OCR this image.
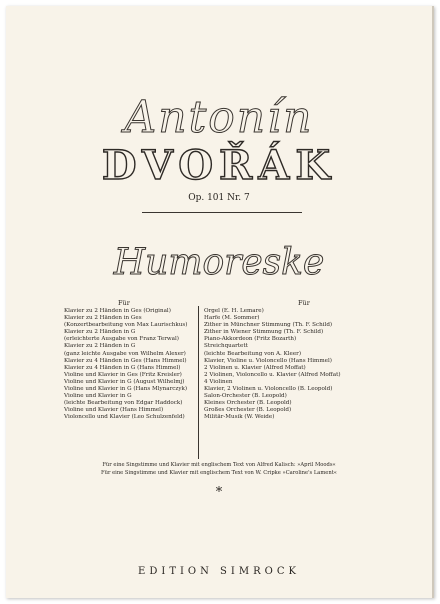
Antonín
DVOŘÁK
Op. 101 Nr. 7
Humoreske
Für	Für
Klavier zu 2 Händen in Ges (Original)
Klavier zu 2 Händen in Ges
(Konzertbearbeitung von Max Laurischkus)
Klavier zu 2 Händen in G
(erleichterte Ausgabe von Franz Terwal)
Klavier zu 2 Händen in G
(ganz leichte Ausgabe von Wilhelm Alexer)
Klavier zu 4 Händen in Ges (Hans Himmel)
Klavier zu 4 Händen in G (Hans Himmel)
Violine und Klavier in Ges (Fritz Kreisler)
Violine und Klavier in G (August Wilhelmj)
Violine und Klavier in G (Hans Mlynarczyk)
Violine und Klavier in G
(leichte Bearbeitung von Edgar Haddock)
Violine und Klavier (Hans Himmel)
Violoncello und Klavier (Leo Schulzenfeld)
Orgel (E. H. Lemare)
Harfe (M. Sommer)
Zither in Münchner Stimmung (Th. F. Schild)
Zither in Wiener Stimmung (Th. F. Schild)
Piano-Akkordeon (Fritz Bozarth)
Streichquartett
(leichte Bearbeitung von A. Kleer)
Klavier, Violine u. Violoncello (Hans Himmel)
2 Violinen u. Klavier (Alfred Moffat)
2 Violinen, Violoncello u. Klavier (Alfred Moffat)
4 Violinen
Klavier, 2 Violinen u. Violoncello (B. Leopold)
Salon-Orchester (B. Leopold)
Kleines Orchester (B. Leopold)
Großes Orchester (B. Leopold)
Militär-Musik (W. Weide)
Für eine Singstimme und Klavier mit englischem Text von Alfred Kalisch: »April Moods«
Für eine Singstimme und Klavier mit englischem Text von W. Cripke »Caroline's Lament«
*
EDITION SIMROCK
